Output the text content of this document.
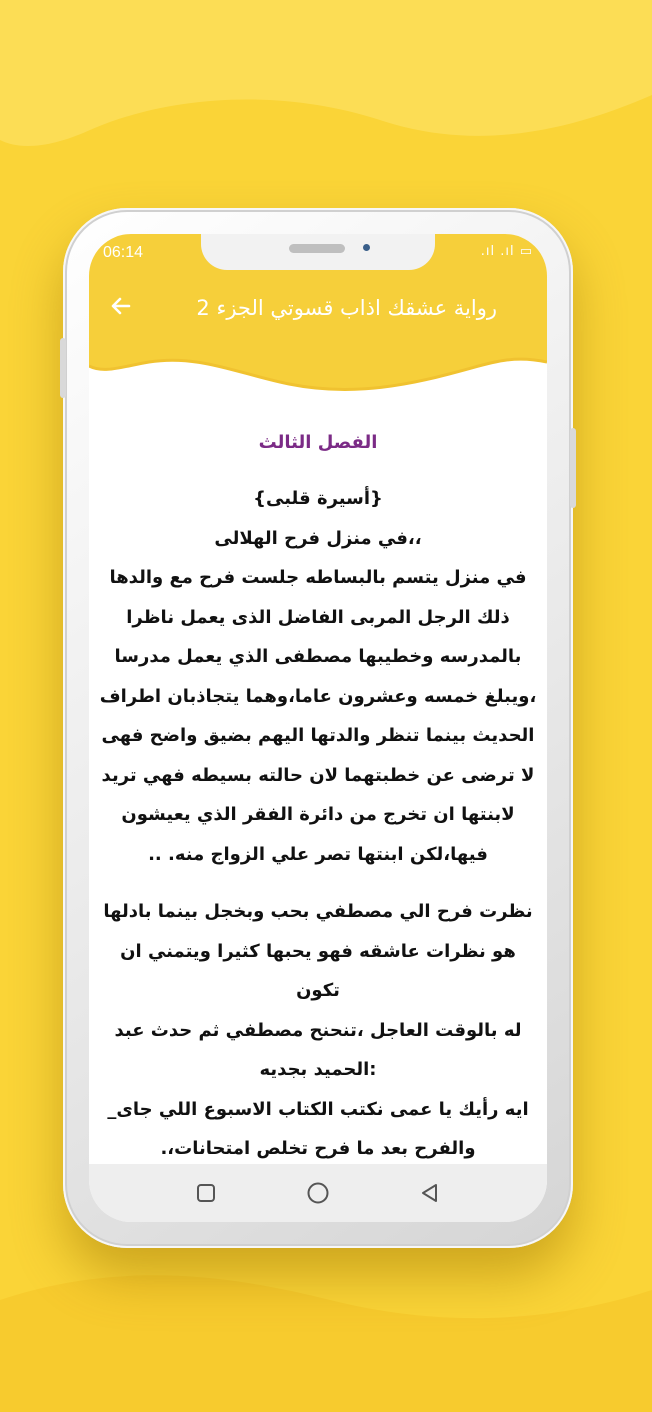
06:14	.ıl .ıl ▭
رواية عشقك اذاب قسوتي الجزء 2
الفصل الثالث

{أسيرة قلبى}

،،في منزل فرح الهلالى

في منزل يتسم بالبساطه جلست فرح مع والدها

ذلك الرجل المربى الفاضل الذى يعمل ناظرا

بالمدرسه وخطيبها مصطفى الذي يعمل مدرسا

،ويبلغ خمسه وعشرون عاما،وهما يتجاذبان اطراف

الحديث بينما تنظر والدتها اليهم بضيق واضح فهى

لا ترضى عن خطبتهما لان حالته بسيطه فهي تريد

لابنتها ان تخرج من دائرة الفقر الذي يعيشون

فيها،لكن ابنتها تصر علي الزواج منه. ..

نظرت فرح الي مصطفي بحب وبخجل بينما بادلها

هو نظرات عاشقه فهو يحبها كثيرا ويتمني ان تكون

له بالوقت العاجل ،تنحنح مصطفي ثم حدث عبد

:الحميد بجديه

ايه رأيك يا عمى نكتب الكتاب الاسبوع اللي جاى_

والفرح بعد ما فرح تخلص امتحانات،.
